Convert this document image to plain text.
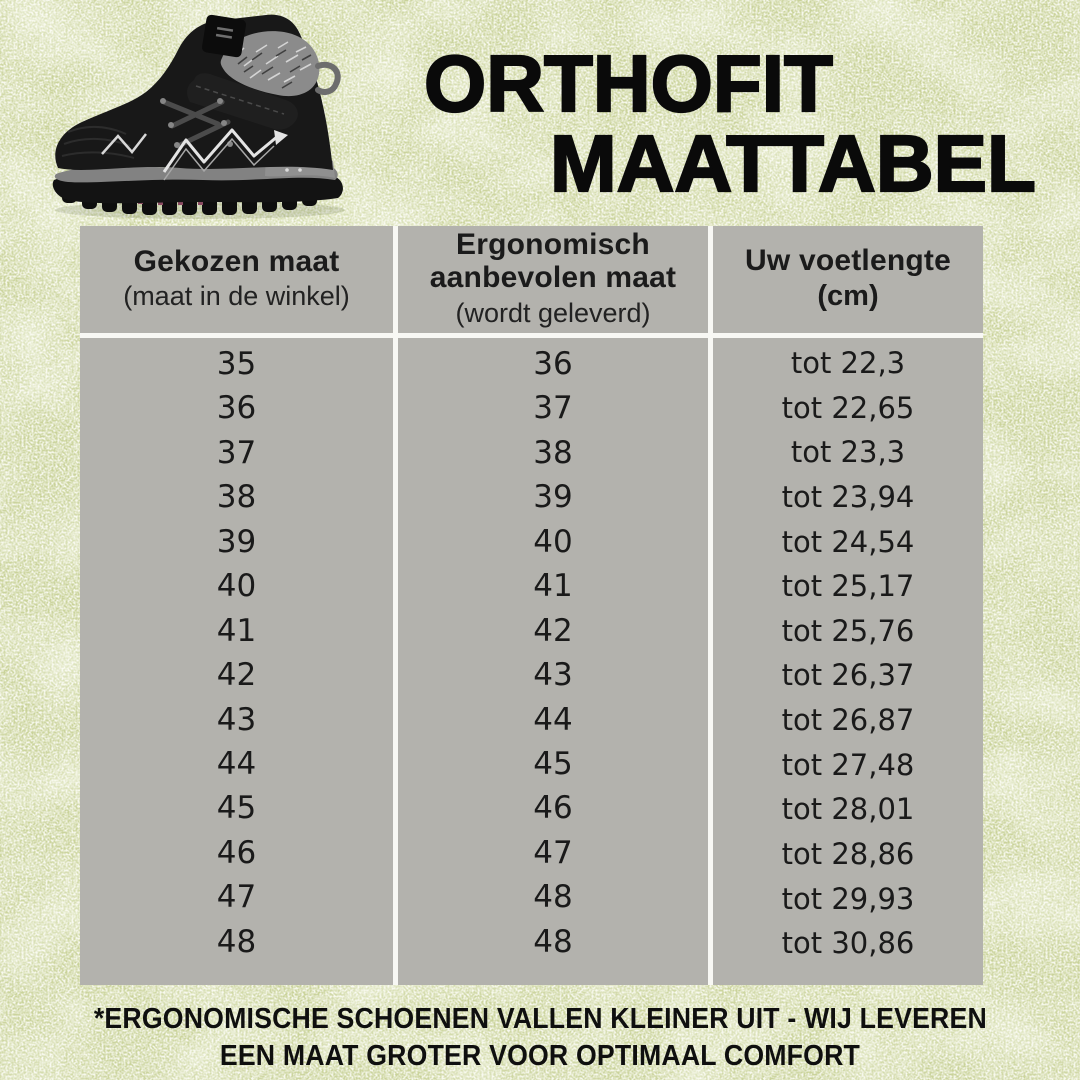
ORTHOFIT
MAATTABEL
Gekozen maat
(maat in de winkel)
Ergonomisch aanbevolen maat
(wordt geleverd)
Uw voetlengte
(cm)
35
36
37
38
39
40
41
42
43
44
45
46
47
48
36
37
38
39
40
41
42
43
44
45
46
47
48
48
tot 22,3
tot 22,65
tot 23,3
tot 23,94
tot 24,54
tot 25,17
tot 25,76
tot 26,37
tot 26,87
tot 27,48
tot 28,01
tot 28,86
tot 29,93
tot 30,86
*ERGONOMISCHE SCHOENEN VALLEN KLEINER UIT - WIJ LEVEREN
EEN MAAT GROTER VOOR OPTIMAAL COMFORT
